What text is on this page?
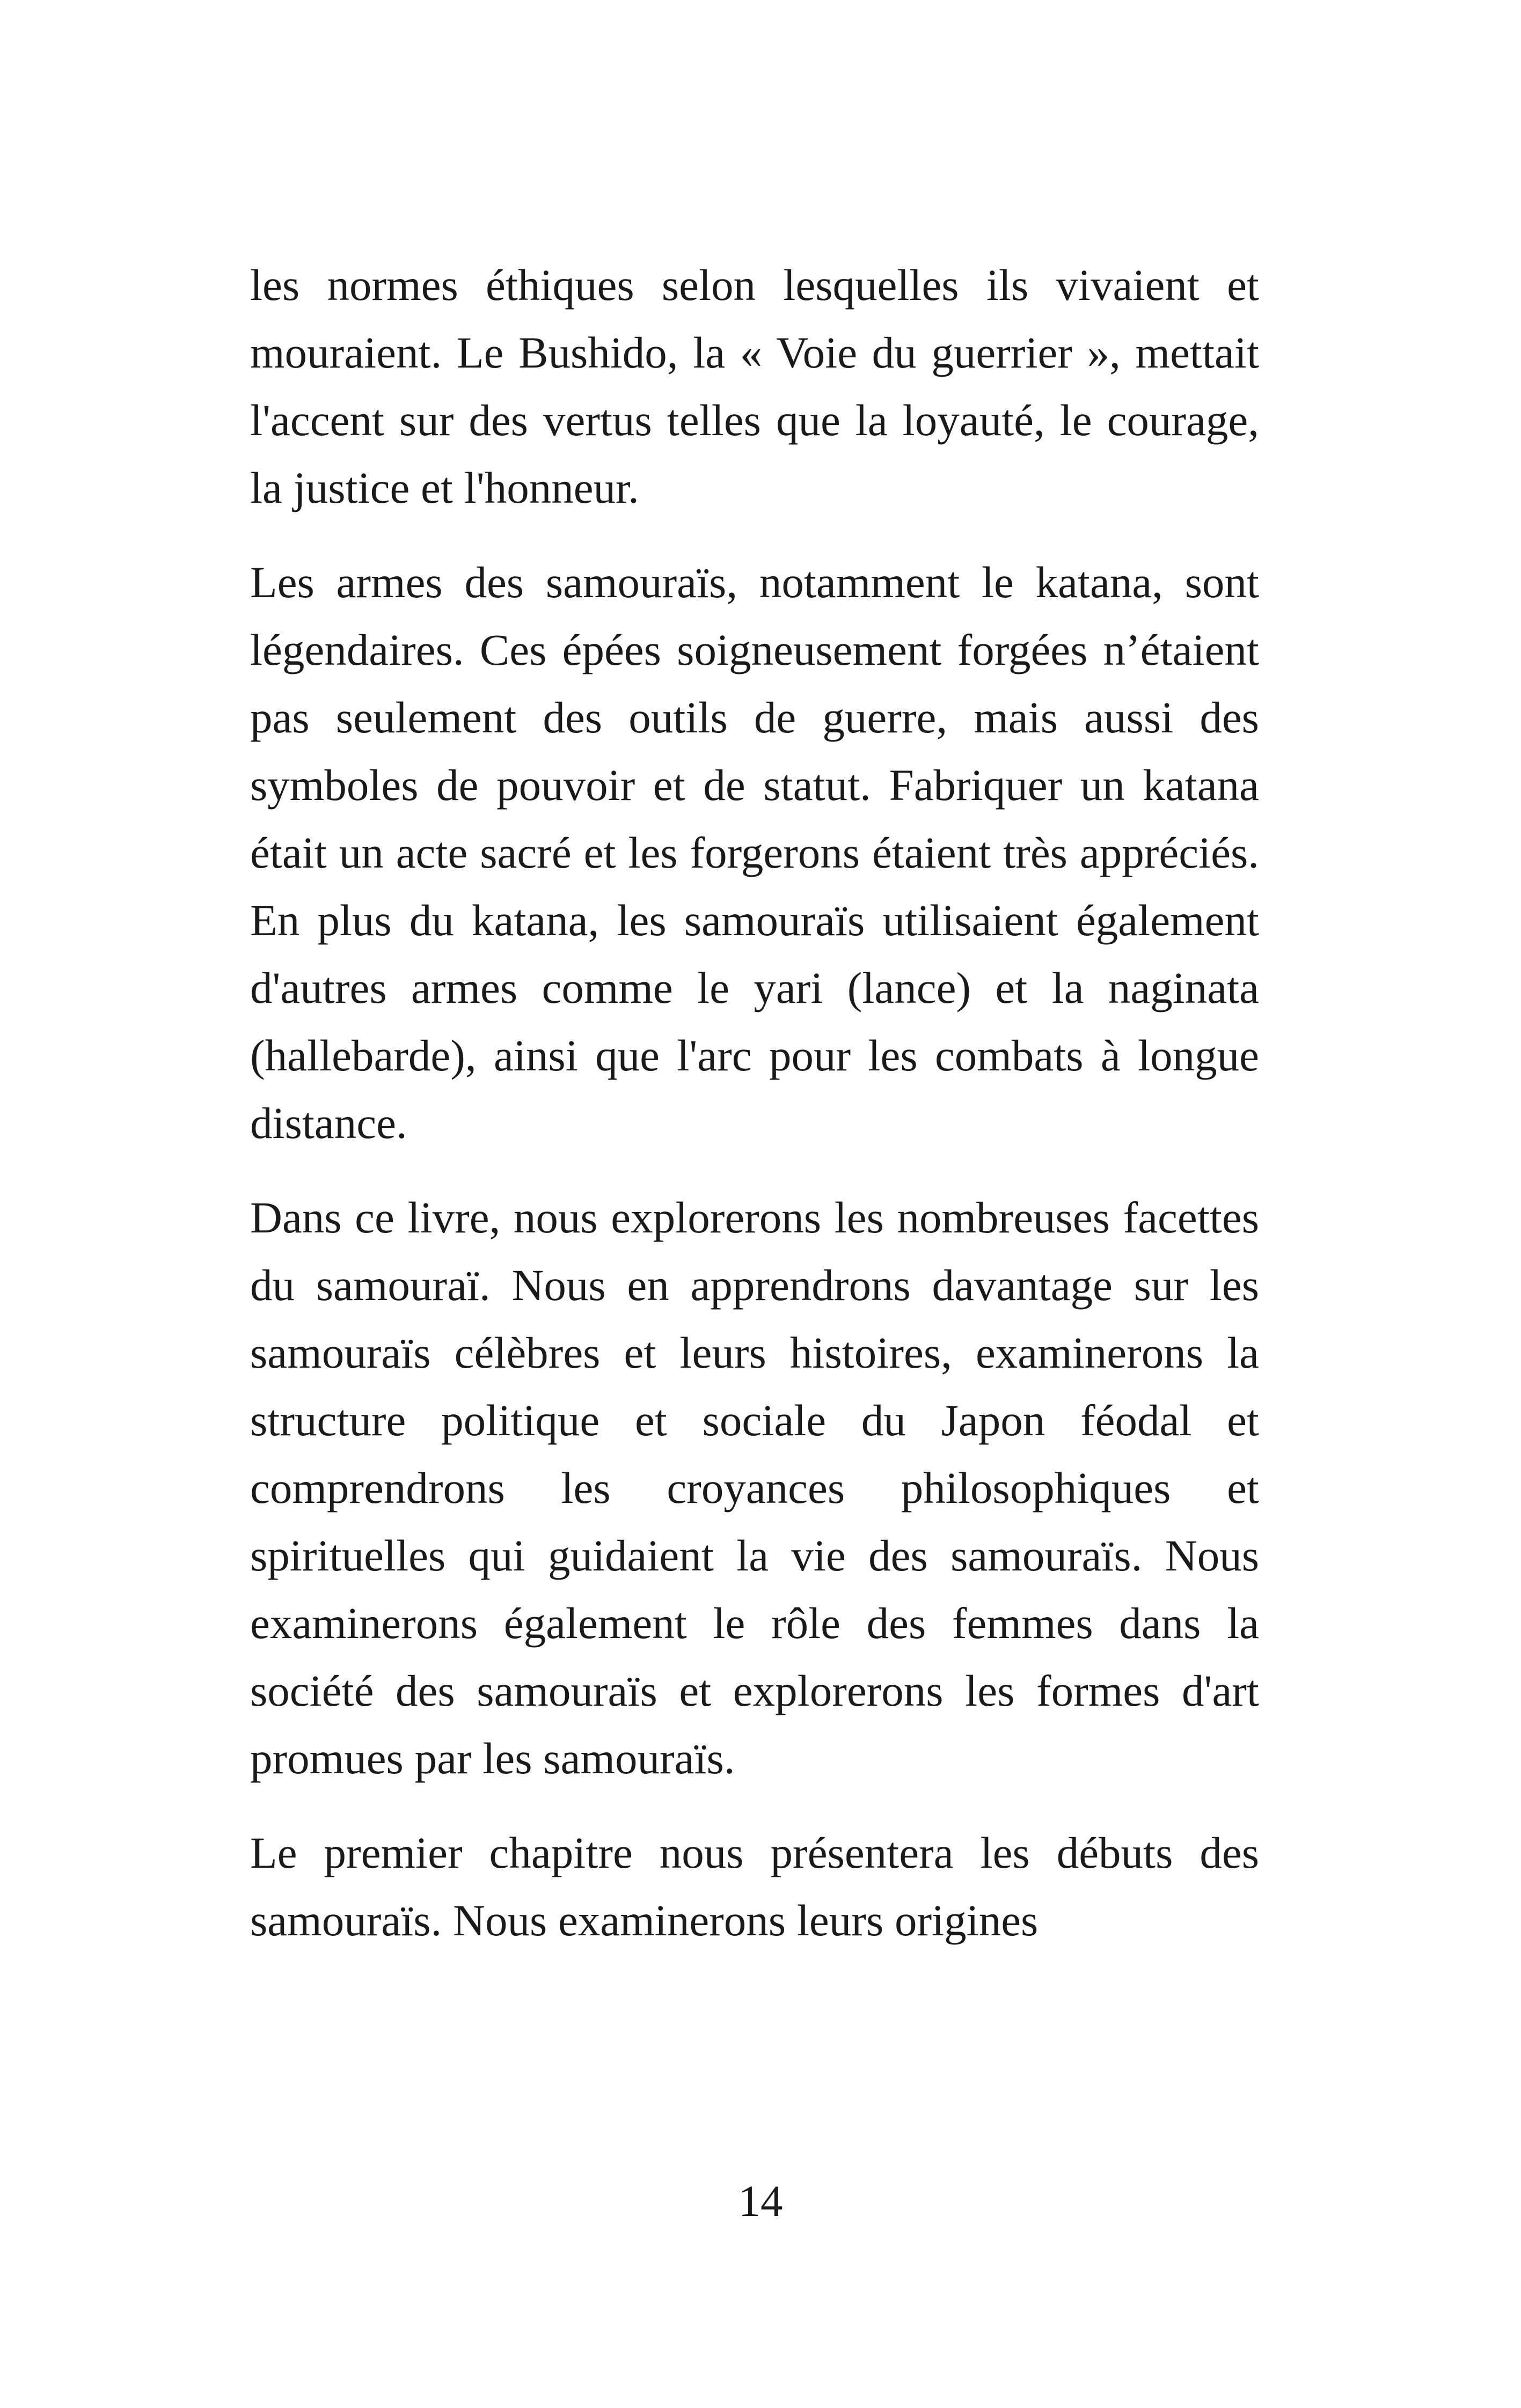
les normes éthiques selon lesquelles ils vivaient et mouraient. Le Bushido, la « Voie du guerrier », mettait l'accent sur des vertus telles que la loyauté, le courage, la justice et l'honneur.

Les armes des samouraïs, notamment le katana, sont légendaires. Ces épées soigneusement forgées n’étaient pas seulement des outils de guerre, mais aussi des symboles de pouvoir et de statut. Fabriquer un katana était un acte sacré et les forgerons étaient très appréciés. En plus du katana, les samouraïs utilisaient également d'autres armes comme le yari (lance) et la naginata (hallebarde), ainsi que l'arc pour les combats à longue distance.

Dans ce livre, nous explorerons les nombreuses facettes du samouraï. Nous en apprendrons davantage sur les samouraïs célèbres et leurs histoires, examinerons la structure politique et sociale du Japon féodal et comprendrons les croyances philosophiques et spirituelles qui guidaient la vie des samouraïs. Nous examinerons également le rôle des femmes dans la société des samouraïs et explorerons les formes d'art promues par les samouraïs.

Le premier chapitre nous présentera les débuts des samouraïs. Nous examinerons leurs origines

14
